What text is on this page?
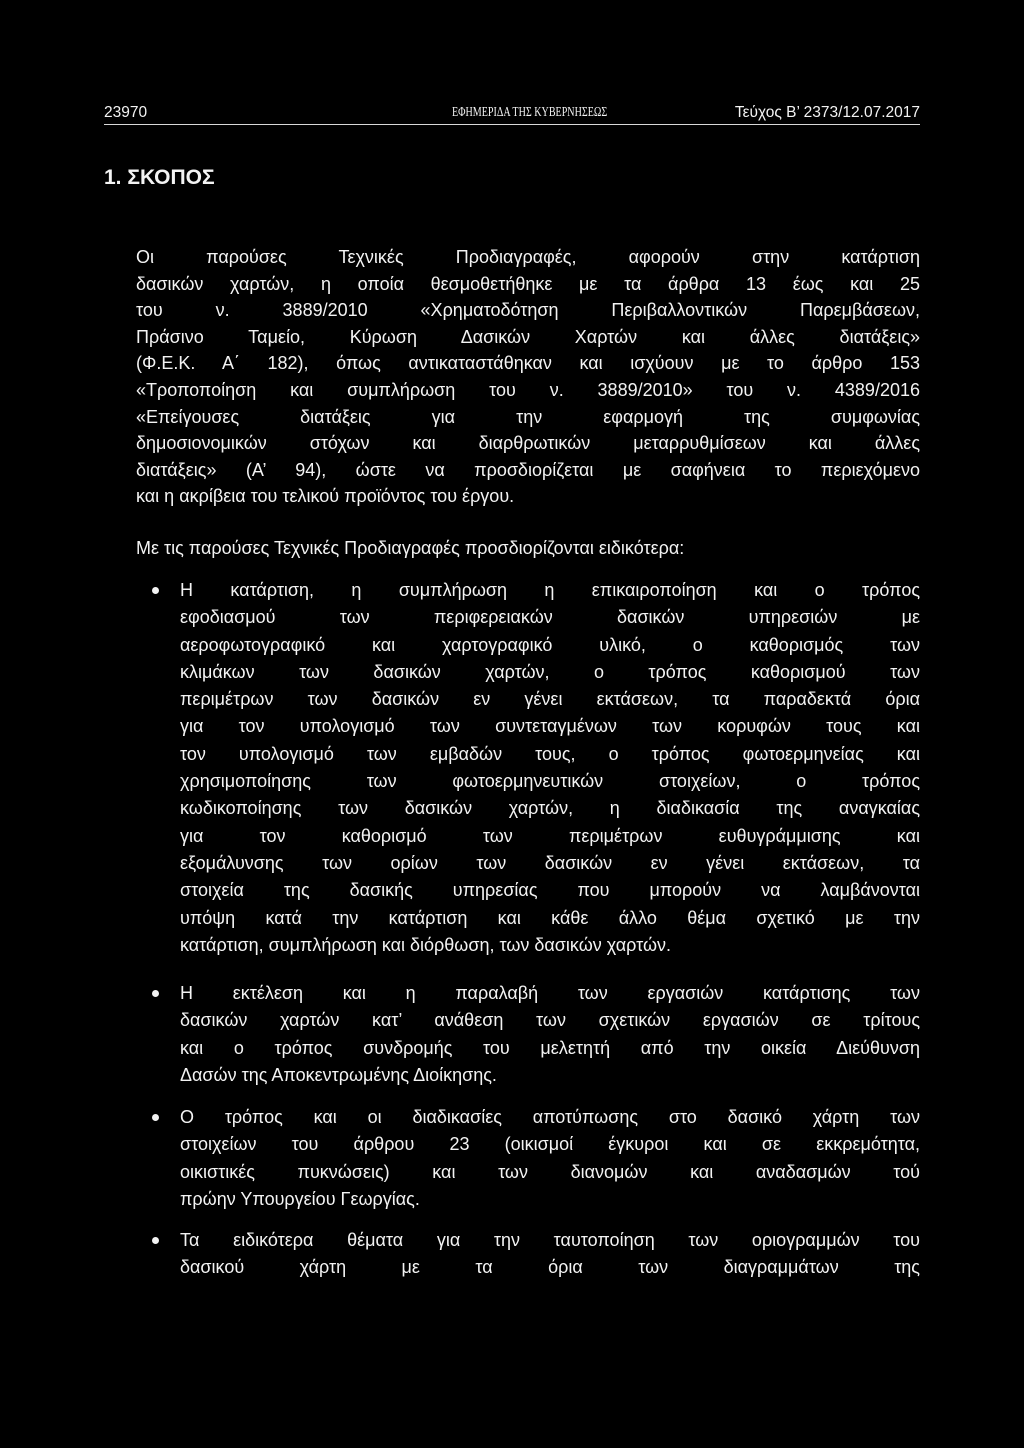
23970	ΕΦΗΜΕΡΙΔΑ ΤΗΣ ΚΥΒΕΡΝΗΣΕΩΣ	Τεύχος Β’ 2373/12.07.2017
1. ΣΚΟΠΟΣ
Οι παρούσες Τεχνικές Προδιαγραφές, αφορούν στην κατάρτιση
δασικών χαρτών, η οποία θεσμοθετήθηκε με τα άρθρα 13 έως και 25
του ν. 3889/2010 «Χρηματοδότηση Περιβαλλοντικών Παρεμβάσεων,
Πράσινο Ταμείο, Κύρωση Δασικών Χαρτών και άλλες διατάξεις»
(Φ.Ε.Κ. Α΄ 182), όπως αντικαταστάθηκαν και ισχύουν με το άρθρο 153
«Τροποποίηση και συμπλήρωση του ν. 3889/2010» του ν. 4389/2016
«Επείγουσες διατάξεις για την εφαρμογή της συμφωνίας
δημοσιονομικών στόχων και διαρθρωτικών μεταρρυθμίσεων και άλλες
διατάξεις» (Α’ 94), ώστε να προσδιορίζεται με σαφήνεια το περιεχόμενο
και η ακρίβεια του τελικού προϊόντος του έργου.
Με τις παρούσες Τεχνικές Προδιαγραφές προσδιορίζονται ειδικότερα:
Η κατάρτιση, η συμπλήρωση η επικαιροποίηση και ο τρόπος
εφοδιασμού των περιφερειακών δασικών υπηρεσιών με
αεροφωτογραφικό και χαρτογραφικό υλικό, ο καθορισμός των
κλιμάκων των δασικών χαρτών, ο τρόπος καθορισμού των
περιμέτρων των δασικών εν γένει εκτάσεων, τα παραδεκτά όρια
για τον υπολογισμό των συντεταγμένων των κορυφών τους και
τον υπολογισμό των εμβαδών τους, ο τρόπος φωτοερμηνείας και
χρησιμοποίησης των φωτοερμηνευτικών στοιχείων, ο τρόπος
κωδικοποίησης των δασικών χαρτών, η διαδικασία της αναγκαίας
για τον καθορισμό των περιμέτρων ευθυγράμμισης και
εξομάλυνσης των ορίων των δασικών εν γένει εκτάσεων, τα
στοιχεία της δασικής υπηρεσίας που μπορούν να λαμβάνονται
υπόψη κατά την κατάρτιση και κάθε άλλο θέμα σχετικό με την
κατάρτιση, συμπλήρωση και διόρθωση, των δασικών χαρτών.
Η εκτέλεση και η παραλαβή των εργασιών κατάρτισης των
δασικών χαρτών κατ’ ανάθεση των σχετικών εργασιών σε τρίτους
και ο τρόπος συνδρομής του μελετητή από την οικεία Διεύθυνση
Δασών της Αποκεντρωμένης Διοίκησης.
Ο τρόπος και οι διαδικασίες αποτύπωσης στο δασικό χάρτη των
στοιχείων του άρθρου 23 (οικισμοί έγκυροι και σε εκκρεμότητα,
οικιστικές πυκνώσεις) και των διανομών και αναδασμών τού
πρώην Υπουργείου Γεωργίας.
Τα ειδικότερα θέματα για την ταυτοποίηση των οριογραμμών του
δασικού χάρτη με τα όρια των διαγραμμάτων της
